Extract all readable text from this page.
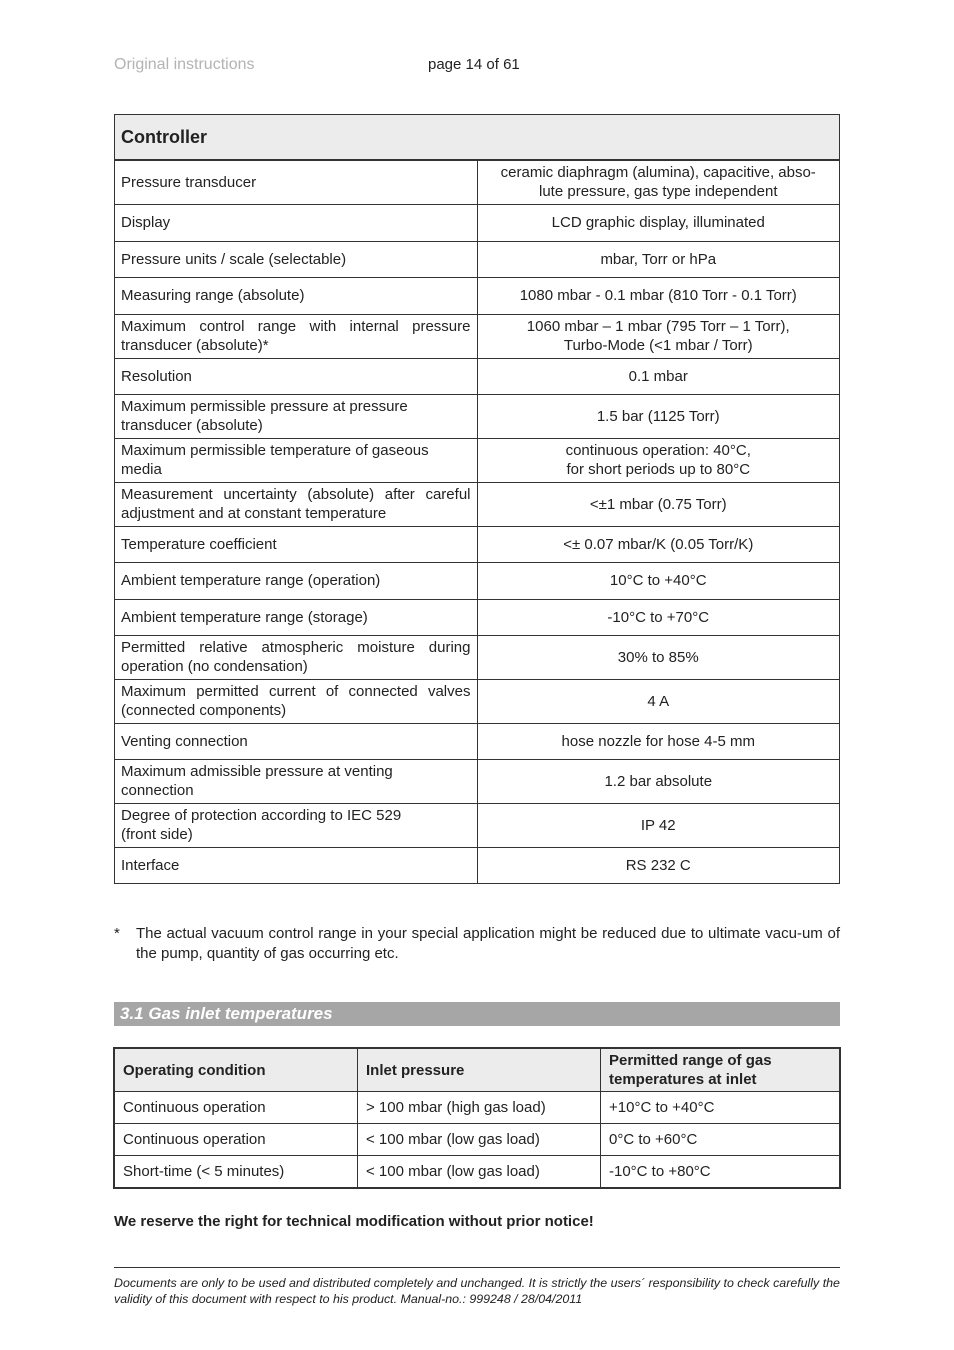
Original instructions	page 14 of 61
Controller	
Pressure transducer	ceramic diaphragm (alumina), capacitive, abso-
lute pressure, gas type independent
Display	LCD graphic display, illuminated
Pressure units / scale (selectable)	mbar, Torr or hPa
Measuring range (absolute)	1080 mbar - 0.1 mbar (810 Torr - 0.1 Torr)
Maximum control range with internal pressure transducer (absolute)*	1060 mbar – 1 mbar (795 Torr – 1 Torr),
Turbo-Mode (<1 mbar / Torr)
Resolution	0.1 mbar
Maximum permissible pressure at pressure
transducer (absolute)	1.5 bar (1125 Torr)
Maximum permissible temperature of gaseous
media	continuous operation: 40°C,
for short periods up to 80°C
Measurement uncertainty (absolute) after careful adjustment and at constant temperature	<±1 mbar (0.75 Torr)
Temperature coefficient	<± 0.07 mbar/K (0.05 Torr/K)
Ambient temperature range (operation)	10°C to +40°C
Ambient temperature range (storage)	-10°C to +70°C
Permitted relative atmospheric moisture during operation (no condensation)	30% to 85%
Maximum permitted current of connected valves (connected components)	4 A
Venting connection	hose nozzle for hose 4-5 mm
Maximum admissible pressure at venting
connection	1.2 bar absolute
Degree of protection according to IEC 529
(front side)	IP 42
Interface	RS 232 C
* The actual vacuum control range in your special application might be reduced due to ultimate vacu-um of the pump, quantity of gas occurring etc.
3.1 Gas inlet temperatures
Operating condition	Inlet pressure	Permitted range of gas
temperatures at inlet
Continuous operation	> 100 mbar (high gas load)	+10°C to +40°C
Continuous operation	< 100 mbar (low gas load)	0°C to +60°C
Short-time (< 5 minutes)	< 100 mbar (low gas load)	-10°C to +80°C
We reserve the right for technical modification without prior notice!
Documents are only to be used and distributed completely and unchanged. It is strictly the users´ responsibility to check carefully the validity of this document with respect to his product. Manual-no.: 999248 / 28/04/2011
